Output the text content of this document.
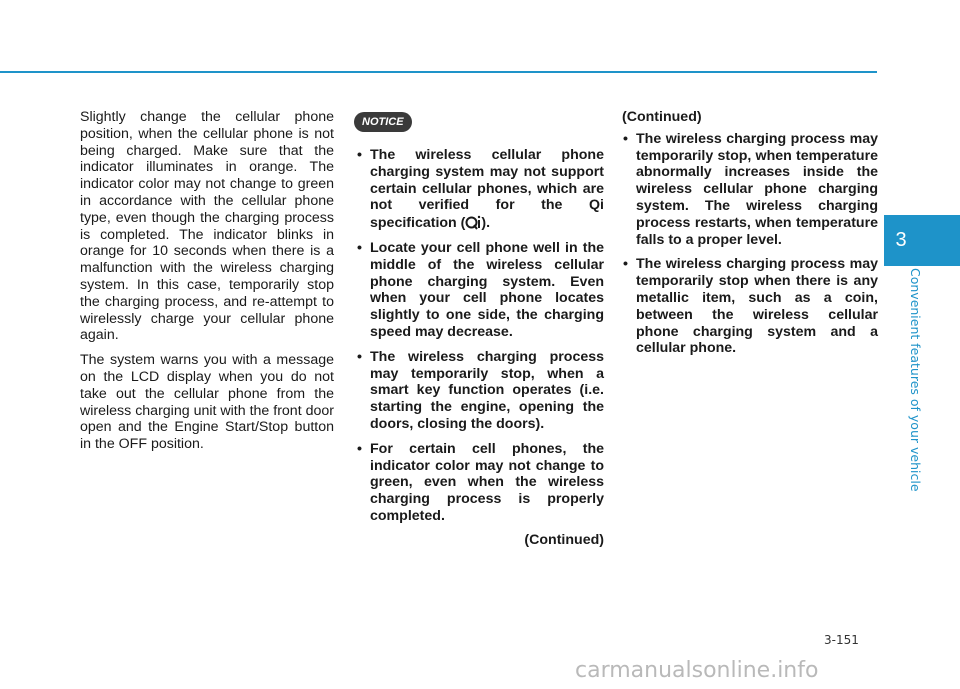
3
Convenient features of your vehicle

Slightly change the cellular phone position, when the cellular phone is not being charged. Make sure that the indicator illuminates in orange. The indicator color may not change to green in accordance with the cellular phone type, even though the charging process is completed. The indicator blinks in orange for 10 seconds when there is a malfunction with the wireless charging system. In this case, temporarily stop the charging process, and re-attempt to wirelessly charge your cellular phone again.

The system warns you with a message on the LCD display when you do not take out the cellular phone from the wireless charging unit with the front door open and the Engine Start/Stop button in the OFF position.

NOTICE
• The wireless cellular phone charging system may not support certain cellular phones, which are not verified for the Qi specification ( ).
• Locate your cell phone well in the middle of the wireless cellular phone charging system. Even when your cell phone locates slightly to one side, the charging speed may decrease.
• The wireless charging process may temporarily stop, when a smart key function operates (i.e. starting the engine, opening the doors, closing the doors).
• For certain cell phones, the indicator color may not change to green, even when the wireless charging process is properly completed.
(Continued)
(Continued)
• The wireless charging process may temporarily stop, when temperature abnormally increases inside the wireless cellular phone charging system. The wireless charging process restarts, when temperature falls to a proper level.
• The wireless charging process may temporarily stop when there is any metallic item, such as a coin, between the wireless cellular phone charging system and a cellular phone.
3-151
carmanualsonline.info
